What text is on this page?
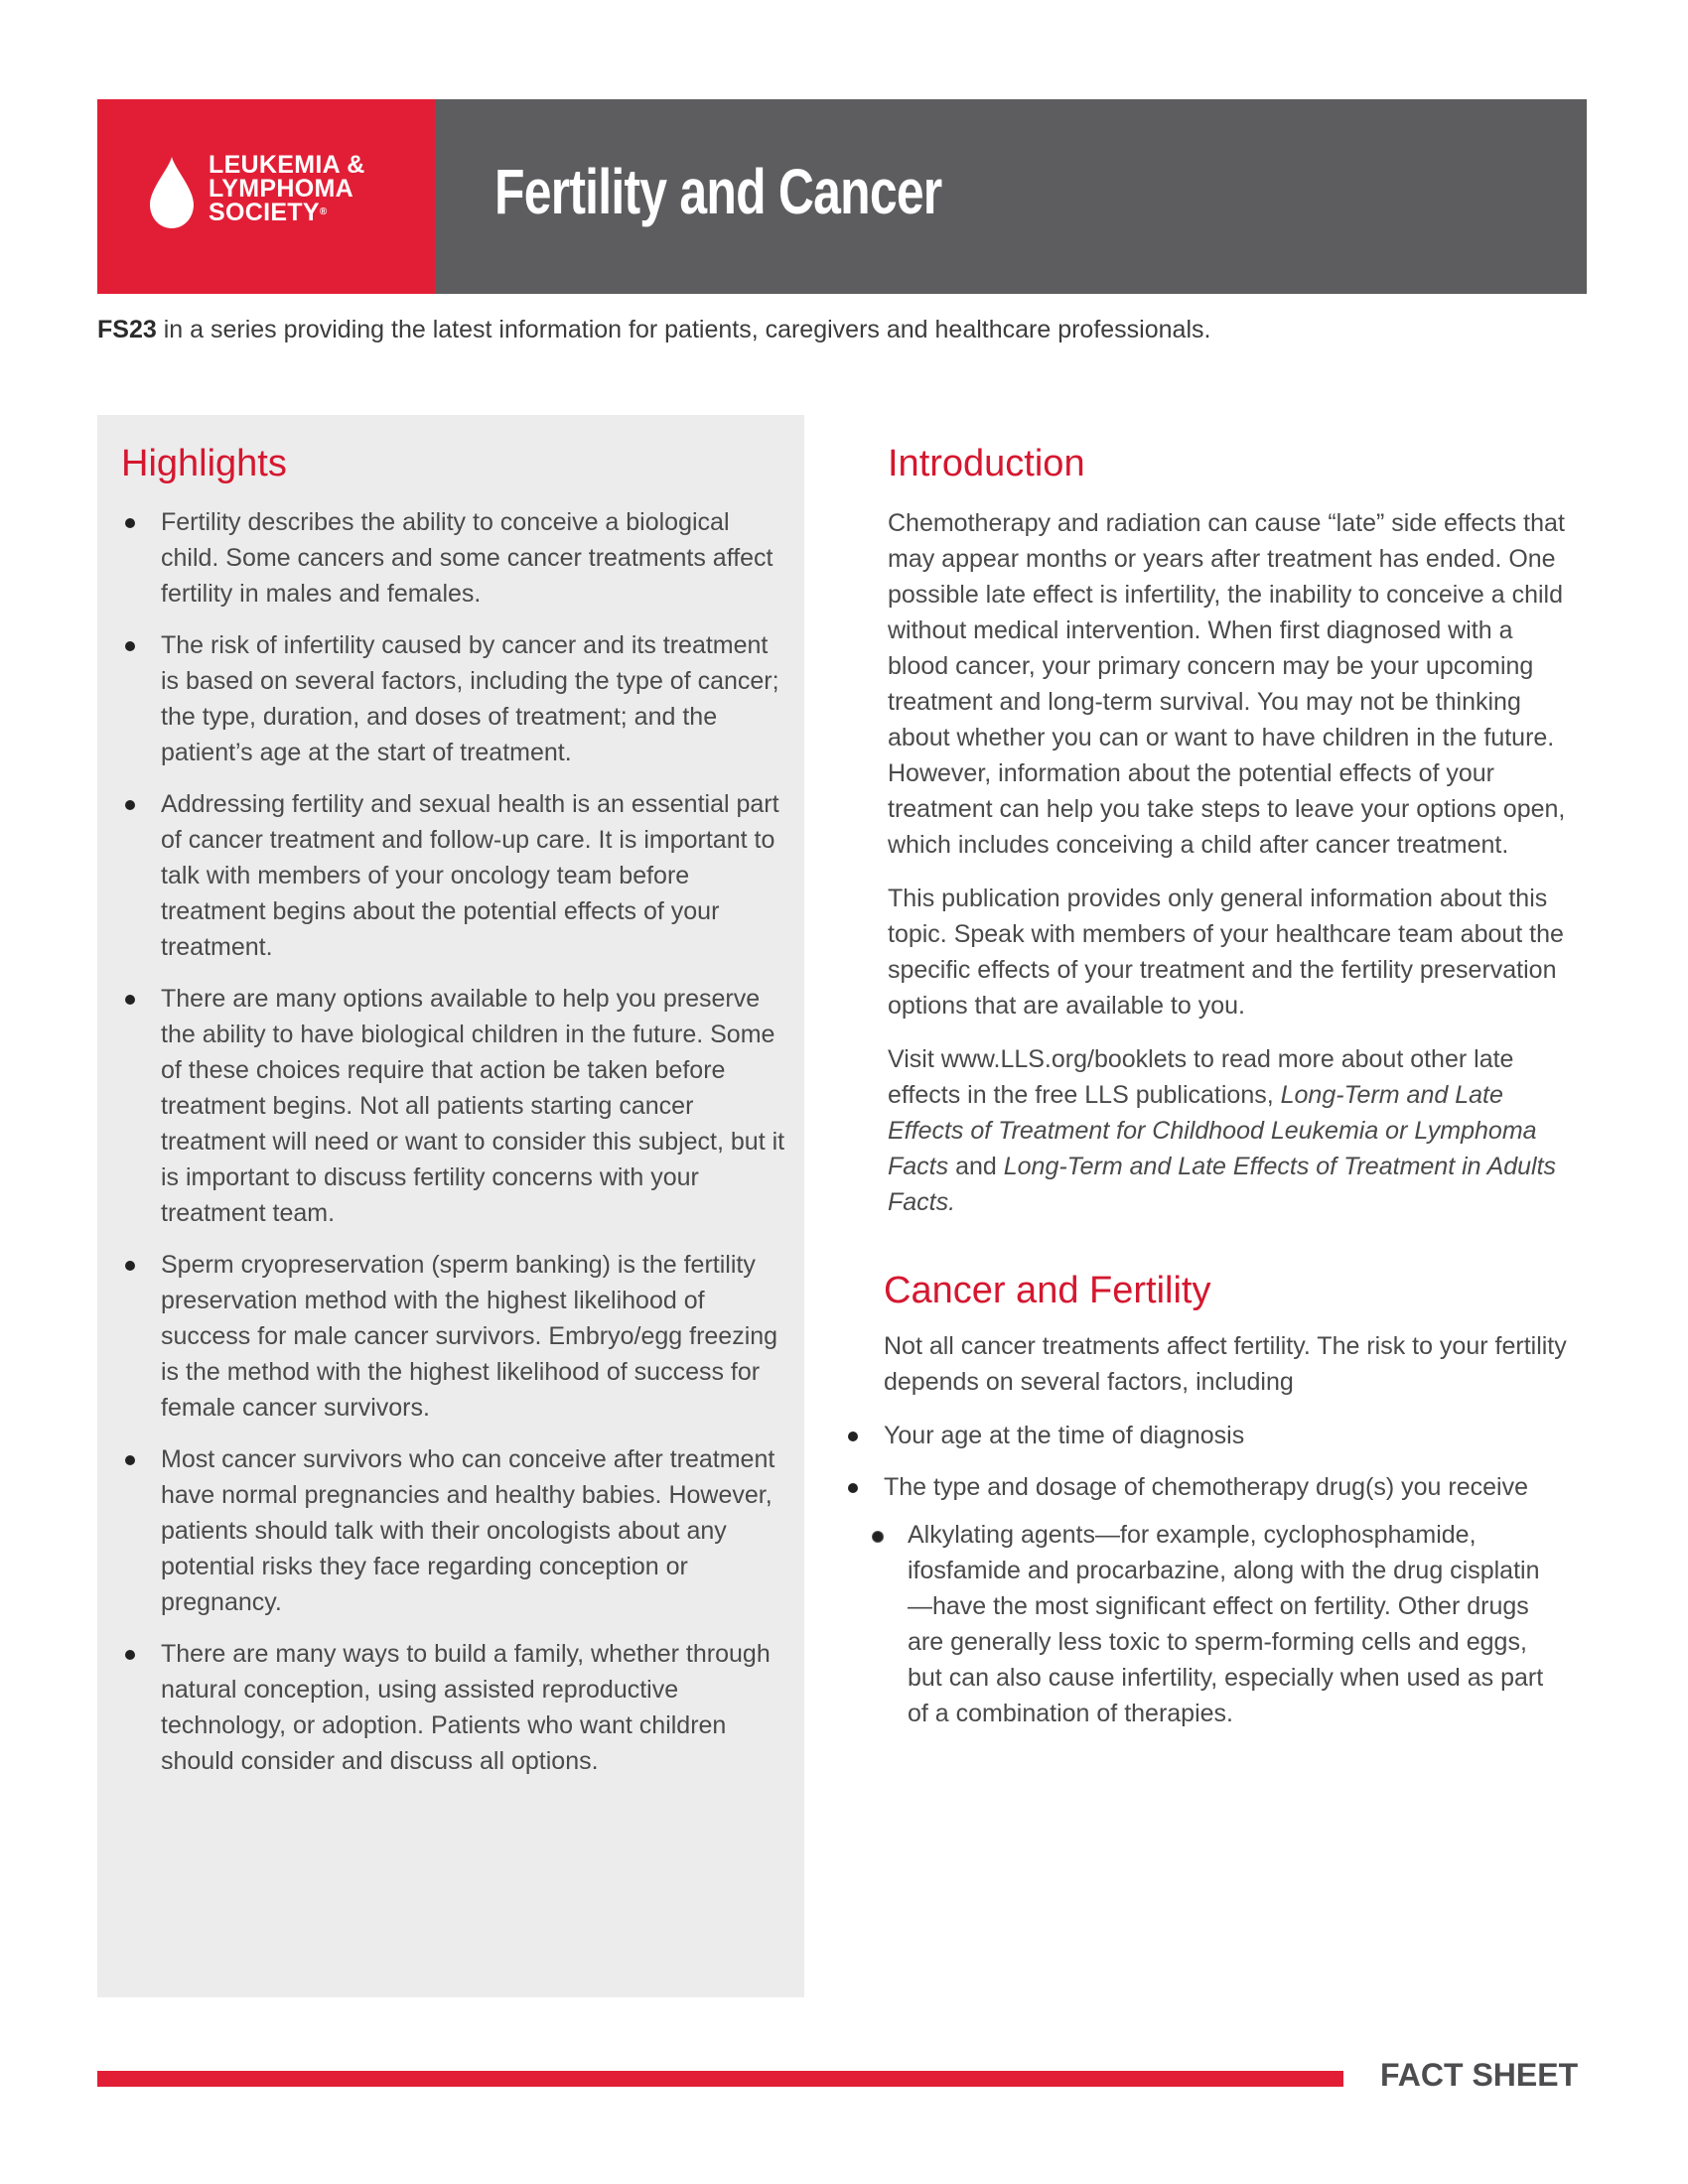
LEUKEMIA &
LYMPHOMA
SOCIETY®	Fertility and Cancer
FS23 in a series providing the latest information for patients, caregivers and healthcare professionals.
Highlights
Fertility describes the ability to conceive a biological child. Some cancers and some cancer treatments affect fertility in males and females.
The risk of infertility caused by cancer and its treatment is based on several factors, including the type of cancer; the type, duration, and doses of treatment; and the patient’s age at the start of treatment.
Addressing fertility and sexual health is an essential part of cancer treatment and follow-up care. It is important to talk with members of your oncology team before treatment begins about the potential effects of your treatment.
There are many options available to help you preserve the ability to have biological children in the future. Some of these choices require that action be taken before treatment begins. Not all patients starting cancer treatment will need or want to consider this subject, but it is important to discuss fertility concerns with your treatment team.
Sperm cryopreservation (sperm banking) is the fertility preservation method with the highest likelihood of success for male cancer survivors. Embryo/egg freezing is the method with the highest likelihood of success for female cancer survivors.
Most cancer survivors who can conceive after treatment have normal pregnancies and healthy babies. However, patients should talk with their oncologists about any potential risks they face regarding conception or pregnancy.
There are many ways to build a family, whether through natural conception, using assisted reproductive technology, or adoption. Patients who want children should consider and discuss all options.
Introduction

Chemotherapy and radiation can cause “late” side effects that may appear months or years after treatment has ended. One possible late effect is infertility, the inability to conceive a child without medical intervention. When first diagnosed with a blood cancer, your primary concern may be your upcoming treatment and long-term survival. You may not be thinking about whether you can or want to have children in the future. However, information about the potential effects of your treatment can help you take steps to leave your options open, which includes conceiving a child after cancer treatment.

This publication provides only general information about this topic. Speak with members of your healthcare team about the specific effects of your treatment and the fertility preservation options that are available to you.

Visit www.LLS.org/booklets to read more about other late effects in the free LLS publications, Long-Term and Late Effects of Treatment for Childhood Leukemia or Lymphoma Facts and Long-Term and Late Effects of Treatment in Adults Facts.

Cancer and Fertility

Not all cancer treatments affect fertility. The risk to your fertility depends on several factors, including

Your age at the time of diagnosis
The type and dosage of chemotherapy drug(s) you receive
Alkylating agents—for example, cyclophosphamide, ifosfamide and procarbazine, along with the drug cisplatin—have the most significant effect on fertility. Other drugs are generally less toxic to sperm-forming cells and eggs, but can also cause infertility, especially when used as part of a combination of therapies.
FACT SHEET
